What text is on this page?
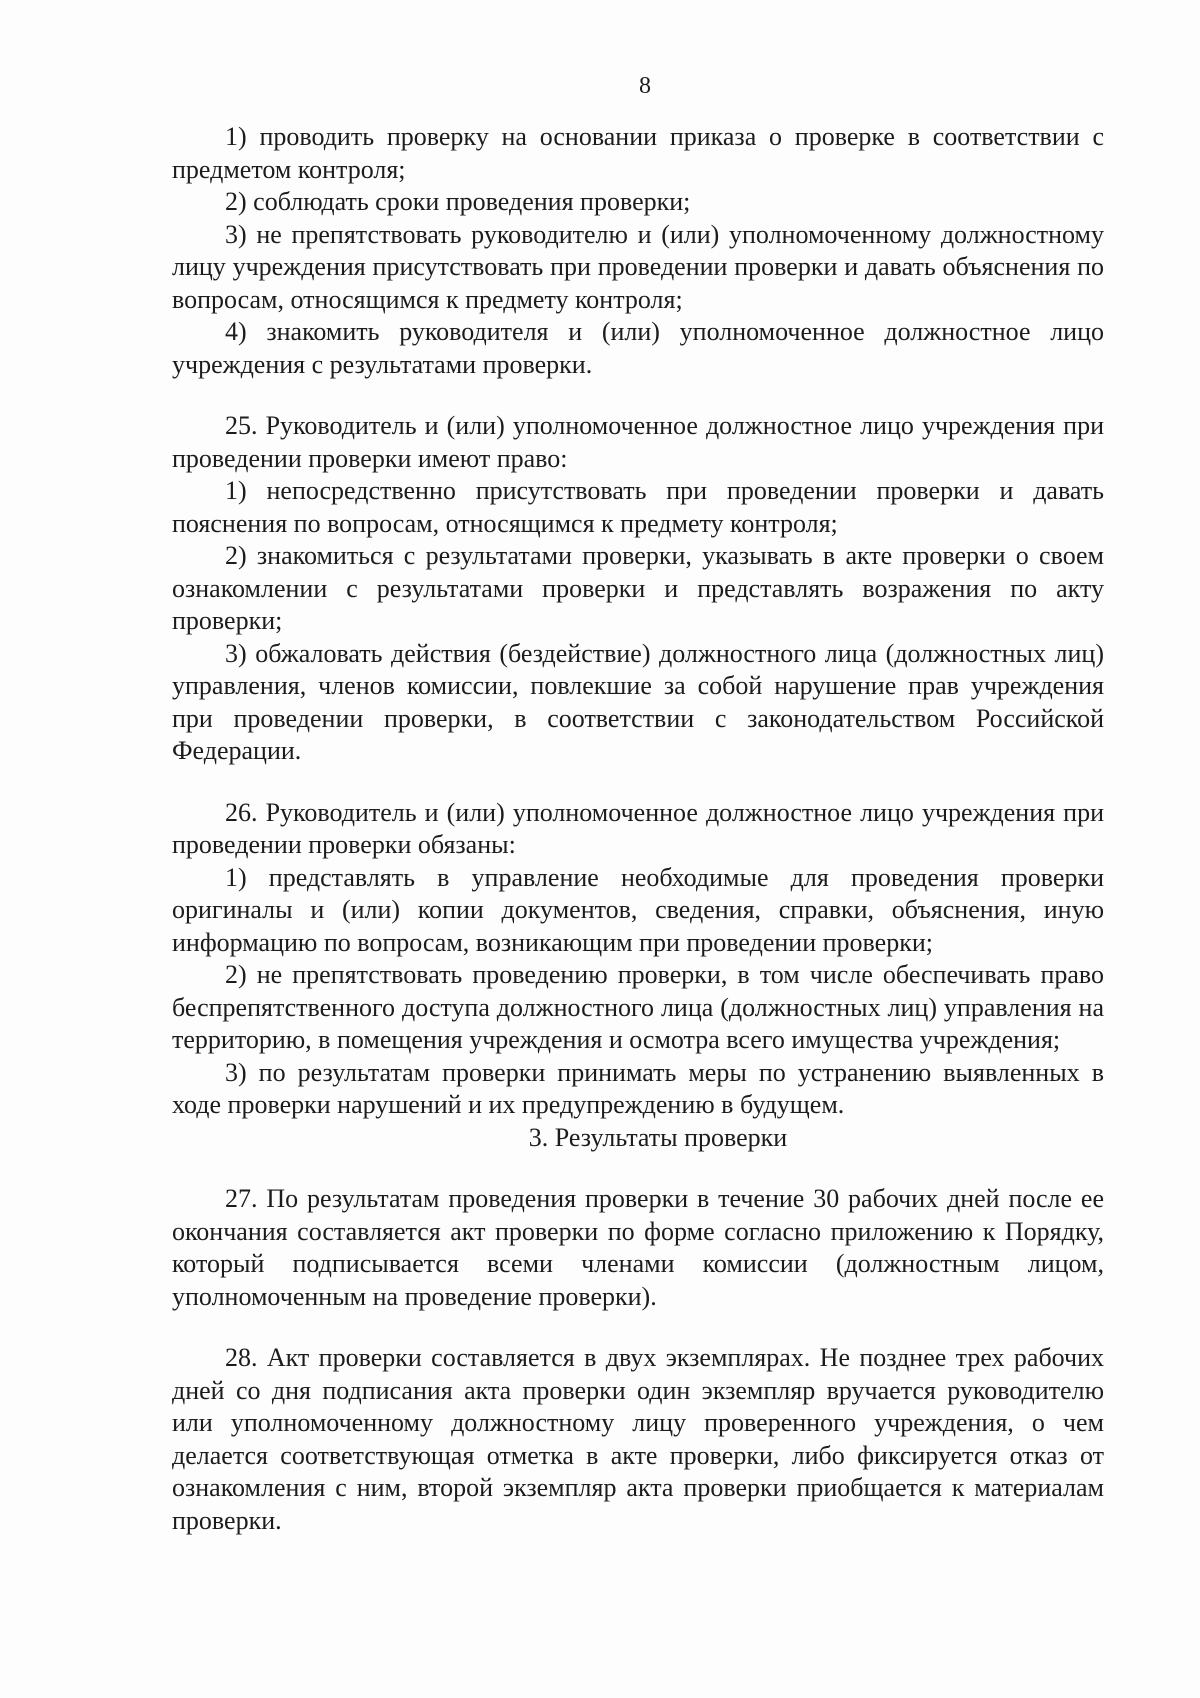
8

1) проводить проверку на основании приказа о проверке в соответствии с предметом контроля;

2) соблюдать сроки проведения проверки;

3) не препятствовать руководителю и (или) уполномоченному должностному лицу учреждения присутствовать при проведении проверки и давать объяснения по вопросам, относящимся к предмету контроля;

4) знакомить руководителя и (или) уполномоченное должностное лицо учреждения с результатами проверки.

25. Руководитель и (или) уполномоченное должностное лицо учреждения при проведении проверки имеют право:

1) непосредственно присутствовать при проведении проверки и давать пояснения по вопросам, относящимся к предмету контроля;

2) знакомиться с результатами проверки, указывать в акте проверки о своем ознакомлении с результатами проверки и представлять возражения по акту проверки;

3) обжаловать действия (бездействие) должностного лица (должностных лиц) управления, членов комиссии, повлекшие за собой нарушение прав учреждения при проведении проверки, в соответствии с законодательством Российской Федерации.

26. Руководитель и (или) уполномоченное должностное лицо учреждения при проведении проверки обязаны:

1) представлять в управление необходимые для проведения проверки оригиналы и (или) копии документов, сведения, справки, объяснения, иную информацию по вопросам, возникающим при проведении проверки;

2) не препятствовать проведению проверки, в том числе обеспечивать право беспрепятственного доступа должностного лица (должностных лиц) управления на территорию, в помещения учреждения и осмотра всего имущества учреждения;

3) по результатам проверки принимать меры по устранению выявленных в ходе проверки нарушений и их предупреждению в будущем.

3. Результаты проверки

27. По результатам проведения проверки в течение 30 рабочих дней после ее окончания составляется акт проверки по форме согласно приложению к Порядку, который подписывается всеми членами комиссии (должностным лицом, уполномоченным на проведение проверки).

28. Акт проверки составляется в двух экземплярах. Не позднее трех рабочих дней со дня подписания акта проверки один экземпляр вручается руководителю или уполномоченному должностному лицу проверенного учреждения, о чем делается соответствующая отметка в акте проверки, либо фиксируется отказ от ознакомления с ним, второй экземпляр акта проверки приобщается к материалам проверки.
